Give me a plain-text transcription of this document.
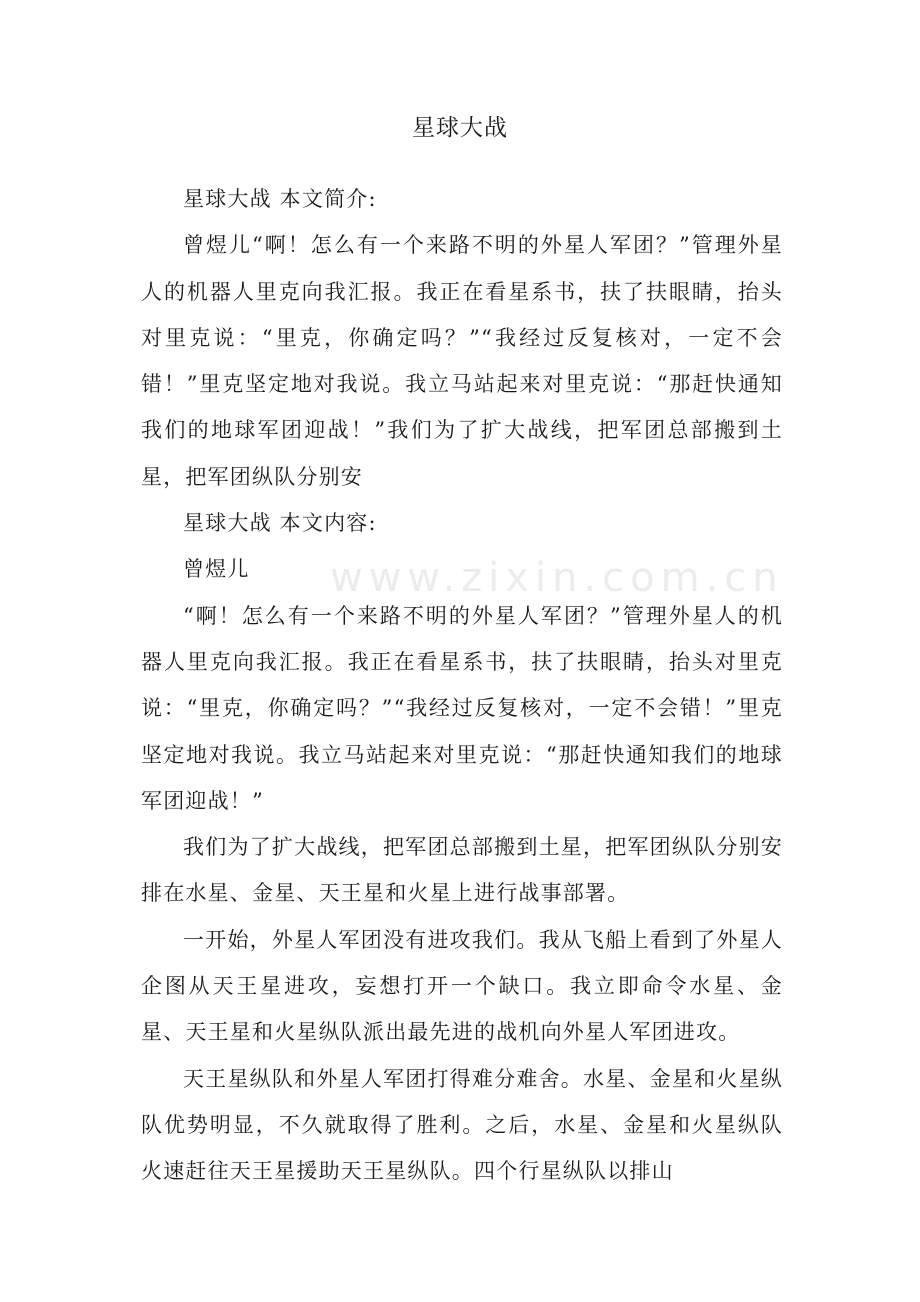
星球大战

星球大战 本文简介:

曾煜儿“啊！怎么有一个来路不明的外星人军团？”管理外星人的机器人里克向我汇报。我正在看星系书，扶了扶眼睛，抬头对里克说：“里克，你确定吗？”“我经过反复核对，一定不会错！”里克坚定地对我说。我立马站起来对里克说：“那赶快通知我们的地球军团迎战！”我们为了扩大战线，把军团总部搬到土星，把军团纵队分别安

星球大战 本文内容:

曾煜儿

“啊！怎么有一个来路不明的外星人军团？”管理外星人的机器人里克向我汇报。我正在看星系书，扶了扶眼睛，抬头对里克说：“里克，你确定吗？”“我经过反复核对，一定不会错！”里克坚定地对我说。我立马站起来对里克说：“那赶快通知我们的地球军团迎战！”

我们为了扩大战线，把军团总部搬到土星，把军团纵队分别安排在水星、金星、天王星和火星上进行战事部署。

一开始，外星人军团没有进攻我们。我从飞船上看到了外星人企图从天王星进攻，妄想打开一个缺口。我立即命令水星、金星、天王星和火星纵队派出最先进的战机向外星人军团进攻。

天王星纵队和外星人军团打得难分难舍。水星、金星和火星纵队优势明显，不久就取得了胜利。之后，水星、金星和火星纵队火速赶往天王星援助天王星纵队。四个行星纵队以排山

www.zixin.com.cn
